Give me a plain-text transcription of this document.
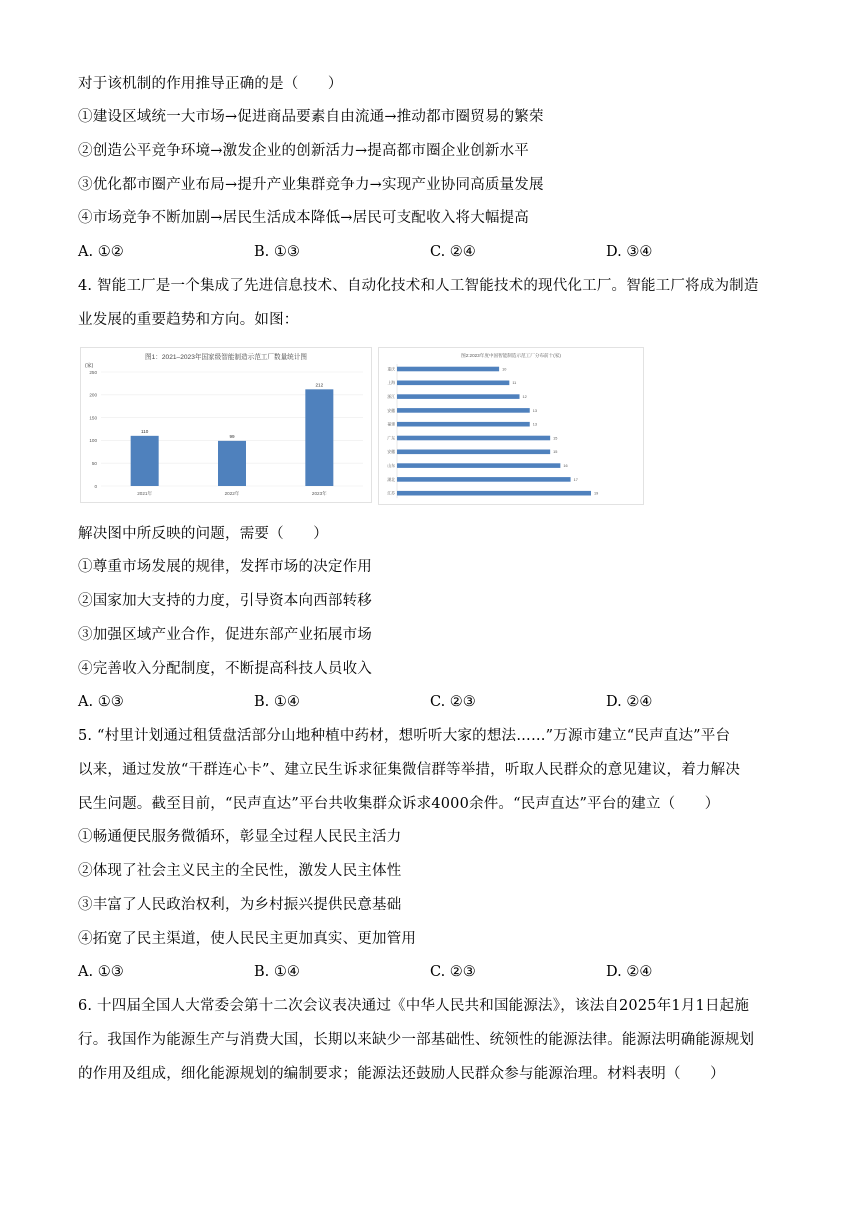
对于该机制的作用推导正确的是（　　）
①建设区域统一大市场→促进商品要素自由流通→推动都市圈贸易的繁荣
②创造公平竞争环境→激发企业的创新活力→提高都市圈企业创新水平
③优化都市圈产业布局→提升产业集群竞争力→实现产业协同高质量发展
④市场竞争不断加剧→居民生活成本降低→居民可支配收入将大幅提高
A. ①②	B. ①③	C. ②④	D. ③④
4. 智能工厂是一个集成了先进信息技术、自动化技术和人工智能技术的现代化工厂。智能工厂将成为制造
业发展的重要趋势和方向。如图：
图1：2021–2023年国家级智能制造示范工厂数量统计图
(家)
0
50
100
150
200
250
110
2021年
99
2022年
212
2023年
图2:2023年度中国智能制造示范工厂分布前十(家)
重庆	10
上海	11
浙江	12
安徽	13
福建	13
广东	15
安徽	15
山东	16
湖北	17
江苏	19
解决图中所反映的问题，需要（　　）
①尊重市场发展的规律，发挥市场的决定作用
②国家加大支持的力度，引导资本向西部转移
③加强区域产业合作，促进东部产业拓展市场
④完善收入分配制度，不断提高科技人员收入
A. ①③	B. ①④	C. ②③	D. ②④
5. “村里计划通过租赁盘活部分山地种植中药材，想听听大家的想法……”万源市建立“民声直达”平台
以来，通过发放“干群连心卡”、建立民生诉求征集微信群等举措，听取人民群众的意见建议，着力解决
民生问题。截至目前，“民声直达”平台共收集群众诉求4000余件。“民声直达”平台的建立（　　）
①畅通便民服务微循环，彰显全过程人民民主活力
②体现了社会主义民主的全民性，激发人民主体性
③丰富了人民政治权利，为乡村振兴提供民意基础
④拓宽了民主渠道，使人民民主更加真实、更加管用
A. ①③	B. ①④	C. ②③	D. ②④
6. 十四届全国人大常委会第十二次会议表决通过《中华人民共和国能源法》，该法自2025年1月1日起施
行。我国作为能源生产与消费大国，长期以来缺少一部基础性、统领性的能源法律。能源法明确能源规划
的作用及组成，细化能源规划的编制要求；能源法还鼓励人民群众参与能源治理。材料表明（　　）
